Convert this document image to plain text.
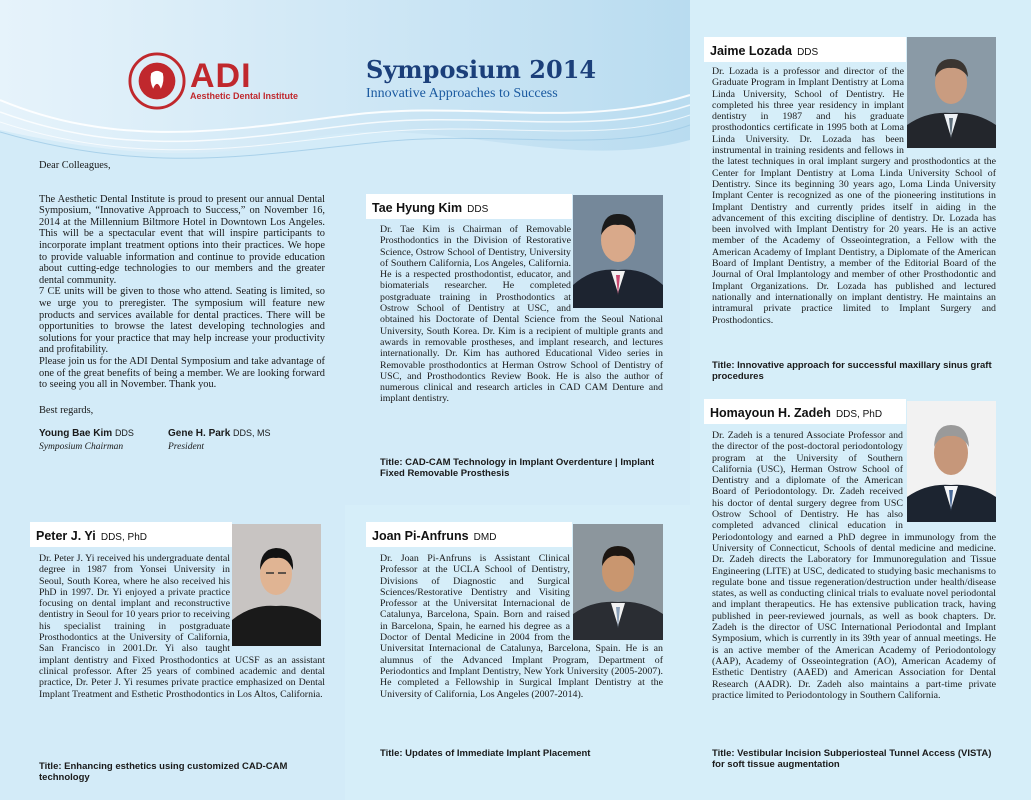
ADI
Aesthetic Dental Institute
Symposium 2014
Innovative Approaches to Success

Dear Colleagues,

The Aesthetic Dental Institute is proud to present our annual Dental Symposium, “Innovative Approach to Success,” on November 16, 2014 at the Millennium Biltmore Hotel in Downtown Los Angeles. This will be a spectacular event that will inspire participants to incorporate implant treatment options into their practices. We hope to provide valuable information and continue to provide education about cutting-edge technologies to our members and the greater dental community.

7 CE units will be given to those who attend. Seating is limited, so we urge you to preregister. The symposium will feature new products and services available for dental practices. There will be opportunities to browse the latest developing technologies and solutions for your practice that may help increase your productivity and profitability.

Please join us for the ADI Dental Symposium and take advantage of one of the great benefits of being a member. We are looking forward to seeing you all in November. Thank you.

Best regards,

Young Bae Kim DDS
Symposium Chairman
Gene H. Park DDS, MS
President
Tae Hyung Kim DDS
Dr. Tae Kim is Chairman of Removable Prosthodontics in the Division of Restorative Science, Ostrow School of Dentistry, University of Southern California, Los Angeles, California. He is a respected prosthodontist, educator, and biomaterials researcher. He completed postgraduate training in Prosthodontics at Ostrow School of Dentistry at USC, and obtained his Doctorate of Dental Science from the Seoul National University, South Korea. Dr. Kim is a recipient of multiple grants and awards in removable prostheses, and implant research, and lectures internationally. Dr. Kim has authored Educational Video series in Removable prosthodontics at Herman Ostrow School of Dentistry of USC, and Prosthodontics Review Book. He is also the author of numerous clinical and research articles in CAD CAM Denture and implant dentistry.
Title: CAD-CAM Technology in Implant Overdenture | Implant Fixed Removable Prosthesis
Jaime Lozada DDS
Dr. Lozada is a professor and director of the Graduate Program in Implant Dentistry at Loma Linda University, School of Dentistry. He completed his three year residency in implant dentistry in 1987 and his graduate prosthodontics certificate in 1995 both at Loma Linda University. Dr. Lozada has been instrumental in training residents and fellows in the latest techniques in oral implant surgery and prosthodontics at the Center for Implant Dentistry at Loma Linda University School of Dentistry. Since its beginning 30 years ago, Loma Linda University Implant Center is recognized as one of the pioneering institutions in Implant Dentistry and currently prides itself in aiding in the advancement of this exciting discipline of dentistry. Dr. Lozada has been involved with Implant Dentistry for 20 years. He is an active member of the Academy of Osseointegration, a Fellow with the American Academy of Implant Dentistry, a Diplomate of the American Board of Implant Dentistry, a member of the Editorial Board of the Journal of Oral Implantology and member of other Prosthodontic and Implant Organizations. Dr. Lozada has published and lectured nationally and internationally on implant dentistry. He maintains an intramural private practice limited to Implant Surgery and Prosthodontics.
Title: Innovative approach for successful maxillary sinus graft procedures
Peter J. Yi DDS, PhD
Dr. Peter J. Yi received his undergraduate dental degree in 1987 from Yonsei University in Seoul, South Korea, where he also received his PhD in 1997. Dr. Yi enjoyed a private practice focusing on dental implant and reconstructive dentistry in Seoul for 10 years prior to receiving his specialist training in postgraduate Prosthodontics at the University of California, San Francisco in 2001.Dr. Yi also taught implant dentistry and Fixed Prosthodontics at UCSF as an assistant clinical professor. After 25 years of combined academic and dental practice, Dr. Peter J. Yi resumes private practice emphasized on Dental Implant Treatment and Esthetic Prosthodontics in Los Altos, California.
Title: Enhancing esthetics using customized CAD-CAM technology
Joan Pi-Anfruns DMD
Dr. Joan Pi-Anfruns is Assistant Clinical Professor at the UCLA School of Dentistry, Divisions of Diagnostic and Surgical Sciences/Restorative Dentistry and Visiting Professor at the Universitat Internacional de Catalunya, Barcelona, Spain. Born and raised in Barcelona, Spain, he earned his degree as a Doctor of Dental Medicine in 2004 from the Universitat Internacional de Catalunya, Barcelona, Spain. He is an alumnus of the Advanced Implant Program, Department of Periodontics and Implant Dentistry, New York University (2005-2007). He completed a Fellowship in Surgical Implant Dentistry at the University of California, Los Angeles (2007-2014).
Title: Updates of Immediate Implant Placement
Homayoun H. Zadeh DDS, PhD
Dr. Zadeh is a tenured Associate Professor and the director of the post-doctoral periodontology program at the University of Southern California (USC), Herman Ostrow School of Dentistry and a diplomate of the American Board of Periodontology. Dr. Zadeh received his doctor of dental surgery degree from USC Ostrow School of Dentistry. He has also completed advanced clinical education in Periodontology and earned a PhD degree in immunology from the University of Connecticut, Schools of dental medicine and medicine. Dr. Zadeh directs the Laboratory for Immunoregulation and Tissue Engineering (LITE) at USC, dedicated to studying basic mechanisms to regulate bone and tissue regeneration/destruction under health/disease states, as well as conducting clinical trials to evaluate novel periodontal and implant therapeutics. He has extensive publication track, having published in peer-reviewed journals, as well as book chapters. Dr. Zadeh is the director of USC International Periodontal and Implant Symposium, which is currently in its 39th year of annual meetings. He is an active member of the American Academy of Periodontology (AAP), Academy of Osseointegration (AO), American Academy of Esthetic Dentistry (AAED) and American Association for Dental Research (AADR). Dr. Zadeh also maintains a part-time private practice limited to Periodontology in Southern California.
Title: Vestibular Incision Subperiosteal Tunnel Access (VISTA) for soft tissue augmentation
